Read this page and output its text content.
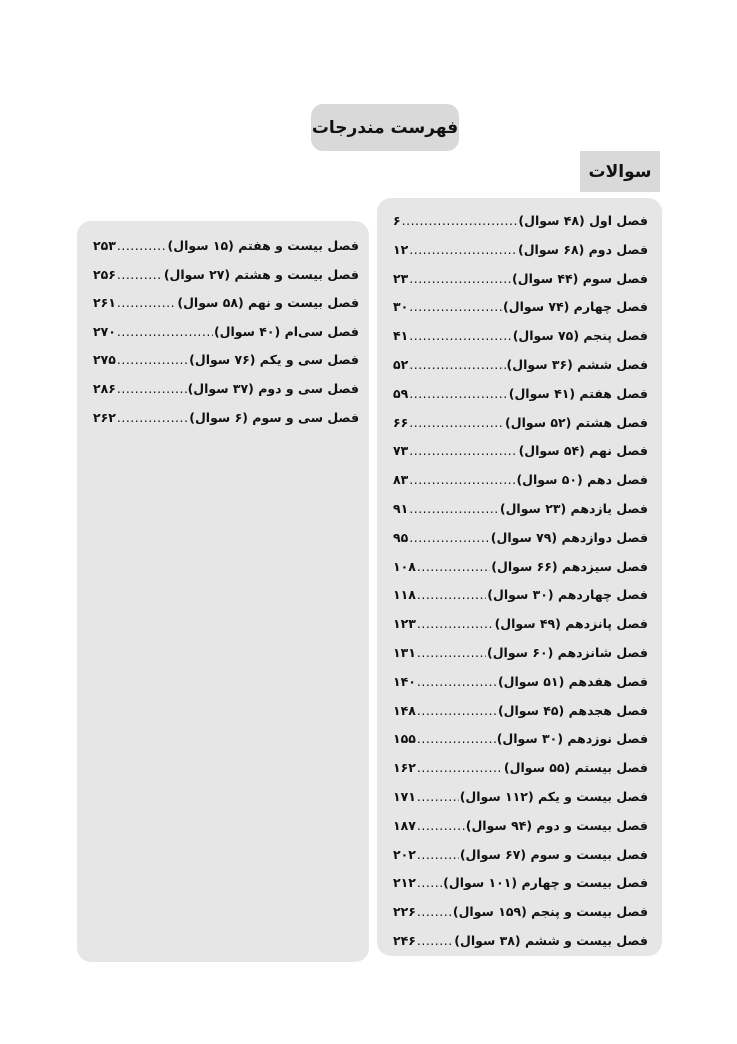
فهرست مندرجات
سوالات
فصل اول (۴۸ سوال)
.....
۶
فصل دوم (۶۸ سوال)
.....
۱۲
فصل سوم (۴۴ سوال)
.....
۲۳
فصل چهارم (۷۴ سوال)
.....
۳۰
فصل پنجم (۷۵ سوال)
.....
۴۱
فصل ششم (۳۶ سوال)
.....
۵۲
فصل هفتم (۴۱ سوال)
.....
۵۹
فصل هشتم (۵۲ سوال)
.....
۶۶
فصل نهم (۵۴ سوال)
.....
۷۳
فصل دهم (۵۰ سوال)
.....
۸۳
فصل یازدهم (۲۳ سوال)
.....
۹۱
فصل دوازدهم (۷۹ سوال)
.....
۹۵
فصل سیزدهم (۶۶ سوال)
.....
۱۰۸
فصل چهاردهم (۳۰ سوال)
.....
۱۱۸
فصل پانزدهم (۴۹ سوال)
.....
۱۲۳
فصل شانزدهم (۶۰ سوال)
.....
۱۳۱
فصل هفدهم (۵۱ سوال)
.....
۱۴۰
فصل هجدهم (۴۵ سوال)
.....
۱۴۸
فصل نوزدهم (۳۰ سوال)
.....
۱۵۵
فصل بیستم (۵۵ سوال)
.....
۱۶۲
فصل بیست و یکم (۱۱۲ سوال)
.....
۱۷۱
فصل بیست و دوم (۹۴ سوال)
.....
۱۸۷
فصل بیست و سوم (۶۷ سوال)
.....
۲۰۲
فصل بیست و چهارم (۱۰۱ سوال)
.....
۲۱۲
فصل بیست و پنجم (۱۵۹ سوال)
.....
۲۲۶
فصل بیست و ششم (۳۸ سوال)
.....
۲۴۶
فصل بیست و هفتم (۱۵ سوال)
.....
۲۵۳
فصل بیست و هشتم (۲۷ سوال)
.....
۲۵۶
فصل بیست و نهم (۵۸ سوال)
.....
۲۶۱
فصل سی‌ام (۴۰ سوال)
.....
۲۷۰
فصل سی و یکم (۷۶ سوال)
.....
۲۷۵
فصل سی و دوم (۳۷ سوال)
.....
۲۸۶
فصل سی و سوم (۶ سوال)
.....
۲۶۲
